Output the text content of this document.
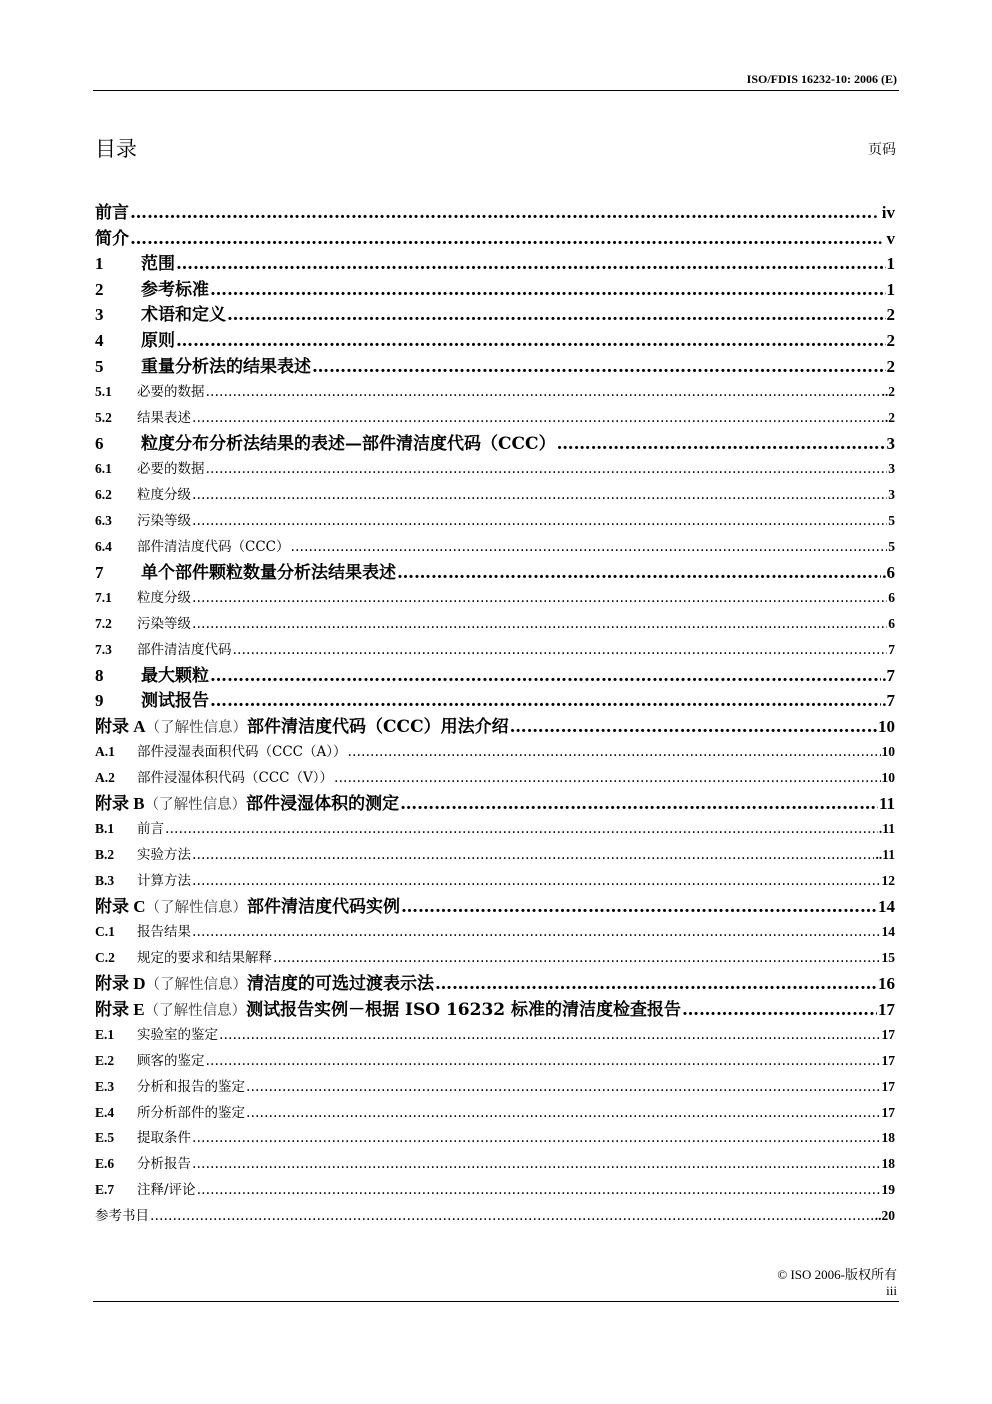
ISO/FDIS 16232-10: 2006 (E)
目录	页码
前言 …………………………………………………………………………………………………………………………………………………………………………………………………………………………………………………………	. iv
简介 …………………………………………………………………………………………………………………………………………………………………………………………………………………………………………………………	. v
1	范围 …………………………………………………………………………………………………………………………………………………………………………………………………………………………………………………………	1
2	参考标准 …………………………………………………………………………………………………………………………………………………………………………………………………………………………………………………………	1
3	术语和定义 …………………………………………………………………………………………………………………………………………………………………………………………………………………………………………………………	2
4	原则 …………………………………………………………………………………………………………………………………………………………………………………………………………………………………………………………	2
5	重量分析法的结果表述 …………………………………………………………………………………………………………………………………………………………………………………………………………………………………………………………	2
5.1	必要的数据 …………………………………………………………………………………………………………………………………………………………………………………………………………………………………………………………	..2
5.2	结果表述 …………………………………………………………………………………………………………………………………………………………………………………………………………………………………………………………	.2
6	粒度分布分析法结果的表述—部件清洁度代码（CCC） …………………………………………………………………………………………………………………………………………………………………………………………………………………………………………………………	3
6.1	必要的数据 …………………………………………………………………………………………………………………………………………………………………………………………………………………………………………………………	3
6.2	粒度分级 …………………………………………………………………………………………………………………………………………………………………………………………………………………………………………………………	3
6.3	污染等级 …………………………………………………………………………………………………………………………………………………………………………………………………………………………………………………………	5
6.4	部件清洁度代码（CCC） …………………………………………………………………………………………………………………………………………………………………………………………………………………………………………………………	5
7	单个部件颗粒数量分析法结果表述 …………………………………………………………………………………………………………………………………………………………………………………………………………………………………………………………	.6
7.1	粒度分级 …………………………………………………………………………………………………………………………………………………………………………………………………………………………………………………………	6
7.2	污染等级 …………………………………………………………………………………………………………………………………………………………………………………………………………………………………………………………	6
7.3	部件清洁度代码 …………………………………………………………………………………………………………………………………………………………………………………………………………………………………………………………	7
8	最大颗粒 …………………………………………………………………………………………………………………………………………………………………………………………………………………………………………………………	.7
9	测试报告 …………………………………………………………………………………………………………………………………………………………………………………………………………………………………………………………	.7
附录 A （了解性信息） 部件清洁度代码（CCC）用法介绍 …………………………………………………………………………………………………………………………………………………………………………………………………………………………………………………………	10
A.1	部件浸湿表面积代码（CCC（A）） …………………………………………………………………………………………………………………………………………………………………………………………………………………………………………………………	10
A.2	部件浸湿体积代码（CCC（V）） …………………………………………………………………………………………………………………………………………………………………………………………………………………………………………………………	10
附录 B （了解性信息） 部件浸湿体积的测定 …………………………………………………………………………………………………………………………………………………………………………………………………………………………………………………………	11
B.1	前言 …………………………………………………………………………………………………………………………………………………………………………………………………………………………………………………………	.11
B.2	实验方法 …………………………………………………………………………………………………………………………………………………………………………………………………………………………………………………………	..11
B.3	计算方法 …………………………………………………………………………………………………………………………………………………………………………………………………………………………………………………………	12
附录 C （了解性信息） 部件清洁度代码实例 …………………………………………………………………………………………………………………………………………………………………………………………………………………………………………………………	14
C.1	报告结果 …………………………………………………………………………………………………………………………………………………………………………………………………………………………………………………………	14
C.2	规定的要求和结果解释 …………………………………………………………………………………………………………………………………………………………………………………………………………………………………………………………	15
附录 D （了解性信息） 清洁度的可选过渡表示法 …………………………………………………………………………………………………………………………………………………………………………………………………………………………………………………………	16
附录 E （了解性信息） 测试报告实例－根据 ISO 16232 标准的清洁度检查报告 …………………………………………………………………………………………………………………………………………………………………………………………………………………………………………………………	17
E.1	实验室的鉴定 …………………………………………………………………………………………………………………………………………………………………………………………………………………………………………………………	17
E.2	顾客的鉴定 …………………………………………………………………………………………………………………………………………………………………………………………………………………………………………………………	17
E.3	分析和报告的鉴定 …………………………………………………………………………………………………………………………………………………………………………………………………………………………………………………………	17
E.4	所分析部件的鉴定 …………………………………………………………………………………………………………………………………………………………………………………………………………………………………………………………	17
E.5	提取条件 …………………………………………………………………………………………………………………………………………………………………………………………………………………………………………………………	18
E.6	分析报告 …………………………………………………………………………………………………………………………………………………………………………………………………………………………………………………………	18
E.7	注释/评论 …………………………………………………………………………………………………………………………………………………………………………………………………………………………………………………………	19
参考书目 …………………………………………………………………………………………………………………………………………………………………………………………………………………………………………………………	..20
© ISO 2006-版权所有
iii
